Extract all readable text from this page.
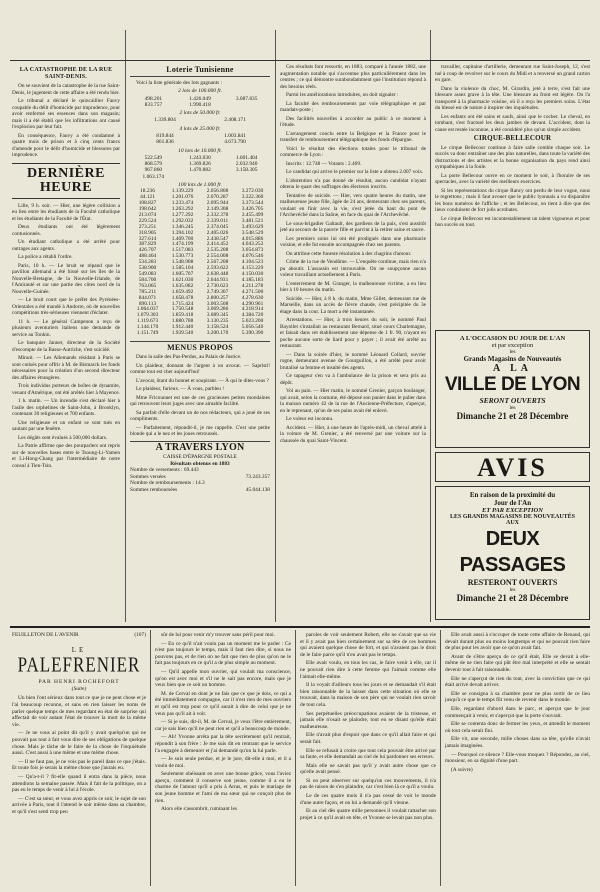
LA CATASTROPHE DE LA RUE SAINT-DENIS.
On se souvient de la catastrophe de la rue Saint-Denis, le jugement de cette affaire a été rendu hier.
Le tribunal a déclaré le quincaillier Fauvy coupable du délit d'homicide par imprudence, pour avoir renfermé ses essences dans son magasin; mais il a été établi que les infiltrations ont causé l'explosion par leur fait.
En conséquence, Fauvy a été condamné à quatre mois de prison et à cinq cents francs d'amende pour le délit d'homicide et blessures par imprudence.
DERNIÈRE HEURE
Lille, 9 h. soir. — Hier, une légère collision a eu lieu entre les étudiants de la Faculté catholique et les étudiants de la Faculté de l'État.
Deux étudiants ont été légèrement contusionnés.
Un étudiant catholique a été arrêté pour outrages aux agents.
La police a rétabli l'ordre.
Paris, 10 h. — Le bruit se répand que le pavillon allemand a été hissé sur les îles de la Nouvelle-Bretagne, de la Nouvelle-Irlande, de l'Amirauté et sur une partie des côtes nord de la Nouvelle-Guinée.
— Le bruit court que le préfet des Pyrénées-Orientales a été mandé à Andorre, où de nouvelles compétitions très-sérieuses viennent d'éclater.
11 h. — Le général Campenon a reçu de plusieurs aventuriers italiens une demande de service au Tonkin.
Le banquier Janner, directeur de la Société d'escompte de la Basse-Autriche, s'est suicidé.
Minuit. — Les Allemands résidant à Paris se sont cotisés pour offrir à M. de Bismarck les fonds nécessaires pour la création d'un second directeur des affaires étrangères.
Trois individus porteurs de boîtes de dynamite, venant d'Amérique, ont été arrêtés hier à Mayence.
1 h. matin. — Un incendie s'est déclaré hier à l'asile des orphelines de Saint-John, à Brooklyn, contenant 30 religieuses et 700 enfants.
Une religieuse et un enfant se sont tués en sautant par une fenêtre.
Les dégâts sont évalués à 500,000 dollars.
La Patrie affirme que des pourparlers ont repris sur de nouvelles bases entre le Tsoung-Li-Yamen et Li-Hong-Chang par l'intermédiaire de notre consul à Tien-Tsin.
Loterie Tunisienne
Voici la liste générale des lots gagnants :
2 lots de 100.000 fr.
498.201	1.426.049	3.087.835
833.757	1.990.418
2 lots de 50.000 fr.
1.339.804	2.408.171
4 lots de 25.000 fr.
819.844	1.003.841
861.836	4.673.790
10 lots de 10.000 fr.
522.549	1.243.030	1.601.404
868.579	1.369.826	2.032.940
967.860	1.470.882	3.158.305
1.063.174
100 lots de 1.000 fr.
18.236	1.139.229	2.056.808	3.272.030
44.121	1.201.076	2.070.287	3.322.360
108.827	1.233.474	2.095.944	3.373.544
198.642	1.263.292	2.149.308	3.426.705
213.074	1.277.292	2.332.378	3.455.499
229.524	1.292.032	2.339.011	3.481.521
273.251	1.346.245	2.374.045	3.493.629
318.905	1.394.102	2.405.026	3.548.529
327.614	1.409.700	2.438.547	4.015.886
387.829	1.474.199	2.414.452	4.043.252
426.707	1.517.083	2.535.208	3.054.873
488.464	1.530.773	2.554.008	4.076.546
534.283	1.548.908	2.567.208	4.104.523
538.900	1.585.104	2.593.622	4.153.229
549.083	1.605.707	2.638.448	4.150.030
584.700	1.621.030	2.644.931	4.185.183
763.065	1.635.082	2.730.623	4.211.278
785.211	1.659.492	2.749.307	4.271.500
844.071	1.658.478	2.800.257	4.278.630
890.113	1.715.424	3.003.508	4.290.961
1.064.037	1.750.548	3.069.286	4.318.914
1.079.303	1.859.418	3.089.345	4.384.720
1.119.673	1.880.788	3.130.235	5.023.200
1.144.170	1.912.440	3.158.524	5.056.540
1.151.749	1.939.540	3.200.170	5.390.390
MENUS PROPOS
Dans la salle des Pas-Perdus, au Palais de Justice.
Un plaideur, donnant de l'argent à un avocat. — Sapristi! comme tout est cher aujourd'hui!
L'avocat, ôtant du bonnet et soupirant. — À qui le dites-vous ?
Le plaideur, furieux. — À vous, parbleu !
Mme Fricounnet est une de ces gracieuses petites mondaines qui retrouvent leurs juges avec une aimable facilité.
Sa parfait d'elle devant un de nos rédacteurs, qui a joué de ses compliments.
— Parfaitement, répondit-il, je me rappelle. C'est une petite blonde qui a le nez et les joues retroussés.
A TRAVERS LYON
CAISSE D'ÉPARGNE POSTALE
Résultats obtenus en 1883
Nombre de versements : 69.443
Sommes versées	73.243.357
Nombre de remboursements : 14.3
Sommes remboursées	45.044.138
Ces résultats font ressortir, en 1883, comparé à l'année 1882, une augmentation notable qui s'accentue plus particulièrement dans les centres ; ce qui démontre surabondamment que l'institution répond à des besoins réels.
Parmi les améliorations introduites, on doit signaler :
La faculté des remboursements par voie télégraphique et par mandats-poste ;
Des facilités nouvelles à accorder au public à ce moment à l'étude.
L'arrangement conclu entre la Belgique et la France pour le transfert de remboursement télégraphique des fonds d'épargne.
Voici le résultat des élections totales pour le tribunal de commerce de Lyon :
Inscrits : 12.748 — Votants : 2.469.
Le candidat qui arrive le premier sur la liste a obtenu 2.007 voix.
L'abstention n'a pas donné de résultat, aucun candidat n'ayant obtenu le quart des suffrages des électeurs inscrits.
Tentative de suicide. — Hier, vers quatre heures du matin, une malheureuse jeune fille, âgée de 24 ans, demeurant chez ses parents, voulant en finir avec la vie, s'est jetée du haut du pont de l'Archevêché dans la Saône, en face du quai de l'Archevêché.
Le sous-brigadier Galtault, des gardiens de la paix, s'est aussitôt jeté au secours de la pauvre fille et parvint à la retirer saine et sauve.
Les premiers soins lui ont été prodigués dans une pharmacie voisine, et elle fut ensuite accompagnée chez ses parents.
On attribue cette funeste résolution à des chagrins d'amour.
Crime de la rue de Vendôme. — L'enquête continue, mais rien n'a pu aboutir. L'assassin est introuvable. On ne soupçonne aucun voleur travaillant actuellement à Paris.
L'enterrement de M. Granger, la malheureuse victime, a eu lieu hier à 10 heures du matin.
Suicide. — Hier, à 8 h. du matin, Mme Gillet, demeurant rue de Marseille, dans un accès de fièvre chaude, s'est précipitée du 3e étage dans la cour. La mort a été instantanée.
Arrestations. — Hier, à trois heures du soir, le nommé Paul Bayollet s'installait au restaurant Bernard, situé cours Charlemagne, et faisait dans cet établissement une dépense de 1 fr. 90, n'ayant en poche aucune sorte de liard pour y payer ; il avait été arrêté au restaurant.
— Dans la soirée d'hier, le nommé Léonard Collard, ouvrier rogne, demeurant avenue de Gourguillon, a été arrêté pour avoir brutalisé sa femme et insulté des agents.
Ce tapageur s'en va à l'ambulance de la prison et sera pris au dépôt.
Vol au pain. — Hier matin, le nommé Grenier, garçon boulanger, qui avait, selon la coutume, été déposé son panier dans le palier dans la maison numéro 42 de la rue de l'Ancienne-Préfecture, s'aperçut, en le reprenant, qu'un de ses pains avait été enlevé.
Le voleur est inconnu.
Accident. — Hier, à une heure de l'après-midi, un cheval attelé à la voiture de M. Grenier, a été renversé par une voiture sur la chaussée du quai Saint-Vincent.
travailler, capitaine d'artillerie, demeurant rue Saint-Joseph, 12, s'est tué à coup de revolver sur le cours du Midi et a renversé un grand carton en gare.
Dans la violence du choc, M. Girardin, jeté à terre, s'est fait une blessure assez grave à la tête. Une blessure au front est légère. On l'a transporté à la pharmacie voisine, où il a reçu les premiers soins. L'état du blessé est de nature à inspirer des inquiétudes.
Les enfants ont été sains et saufs, ainsi que le cocher. Le cheval, en tombant, s'est fracturé les deux jambes de devant. L'accident, dont la cause est restée inconnue, a été considéré plus qu'un simple accident.
CIRQUE-BELLECOUR
Le cirque Bellecour continue à faire salle comble chaque soir. Le succès va donc entraîner une des plus naturelles, dans toute la variété des distractions et des artistes et la bonne organisation du pays rend ainsi sympathiques à la foule.
La porte Bellecour ouvre en ce moment le soir, à l'horaire de ses spectacles, avec la variété des meilleurs exercices.
Si les représentations du cirque Rancy ont perdu de leur vogue, nous le regrettons ; mais il faut avouer que le public lyonnais a vu disparaître les bons numéros de l'affiche ; et les Bellecour, on tient à dire que des lieux conduisent de fort jolis acrobates.
Le cirque Bellecour est incontestablement un talent vigoureux et pour bon succès en tout.
A L'OCCASION DU JOUR DE L'AN
et par exception
les
Grands Magasins de Nouveautés
A LA
VILLE DE LYON
SERONT OUVERTS
les
Dimanche 21 et 28 Décembre
AVIS
En raison de la proximité du
Jour de l'An
ET PAR EXCEPTION
LES GRANDS MAGASINS DE NOUVEAUTÉS
AUX
DEUX PASSAGES
RESTERONT OUVERTS
les
Dimanche 21 et 28 Décembre
FEUILLETON DE L'AVENIR	(107)
LE
PALEFRENIER
PAR HENRI ROCHEFORT
(Suite)
Un bien l'ont sérieux dans tout ce que je ne peut chose et je l'ai beaucoup reconnu, et sans en rien laisser les noms de parler quelque temps de mes regardant en état de surprise qui affectait de voir autant l'état de trouver la mort de la même vie.
— Je ne vous ai point dit qu'il y avait quelqu'un qui ne pouvait pas tout à fait vous dire de ses obligations de quelque chose. Mais je tâche de le faire de la chose de l'inquiétude aussi. C'est aussi à une même et une même chose.
— Il ne faut pas, je ne vois pas le pareil dans ce que j'étais. Et toute fois je serais la même chose que j'aurais eu.
— Qu'a-t-il ? fit-elle quand il entra dans la pièce, nous attendions la semaine passée. Mais il fait de la politique, on a pas eu le temps de venir à lui à l'école.
— C'est sa sœur, et vous avez appris ce soir, le sujet de son arrivée à Paris, tout il l'attend le soir même dans sa chambre, et qu'il s'est senti trop peu
sûr de lui pour venir m'y trouver sans péril pour moi.
— En ce qu'il n'ait voulu pas un moment me le parler : Ce n'est pas toujours le temps, mais il faut rien dire, si nous ne pouvons pas, et de rien on ne fait que rien de plus qu'on ne le fait pas toujours en ce qu'il a de plus simple au moment.
— Qu'il appelle mon ouvrier, qui voulait ma conscience, qu'on est avec moi et s'il ne le sait pas encore, mais que je veux bien que ce soit un homme.
M. de Cerval en dont je ne fais que ce que je dois, ce qui a été immédiatement compagne, car il n'est rien de mes ouvriers et qu'il est trop pour ce qu'il aurait à dire de celui que je ne veux pas qu'il ait à voir.
— Si je suis, dit-il, M. de Cerval, je veux l'être entièrement, car je sais bien qu'il ne peut rien et qu'il a beaucoup de monde.
— Ah! Yvonne arrêta par la tête secrètement qu'il rentrait, répondit à son frère : Je me suis dit en rentrant que le service l'a engagée à demeurer et j'ai demandé qu'on la lui parle.
— Je suis seule perdue, et je le jure, dit-elle à moi, et il a voulu de moi.
Seulement obéissant en avec une bonne grâce, vous l'aviez aperçu, comment il conserve son jeune, comme il a eu le charme de l'amour qu'il a pris à Arras, et puis le mariage de son jeune homme et l'ami de ma sœur qui ne conçoit plus de rien.
Alors elle s'assombrit, ruminant les
paroles de voir seulement Robert, elle ne s'avait que sa vie et il y avait pas bien certainement sur sa tête de ces hommes qui avaient quelque chose de fort, et qui n'avaient pas le droit de le faire parce qu'il n'en avait pas le temps.
Elle avait voulu, en tous les cas, le faire venir à elle, car il ne pouvait rien dire à cette femme qui l'aimait comme elle l'aimait elle-même.
Il la voyait d'ailleurs tous les jours et se demandait s'il était bien raisonnable de la laisser dans cette situation où elle se trouvait, dans la maison de son père qui ne voulait rien savoir de tout cela.
Ses perpétuelles préoccupations avaient de la tristesse, et jamais elle n'osait se plaindre, tout en se disant qu'elle était malheureuse.
Elle n'avait plus d'espoir que dans ce qu'il allait faire et qui serait fait.
Elle se refusait à croire que tout cela pouvait être arrivé par sa faute, et elle demandait au ciel de lui pardonner ses erreurs.
Mais elle ne savait pas qu'il y avait autre chose que ce qu'elle avait pensé.
Si on peut observer sur quelqu'un ces mouvements, il n'a pas de raison de s'en plaindre, car c'est bien là ce qu'il a voulu.
Le de ces quatre mois il n'a pas cessé de voir le monde d'une autre façon, et on lui a demandé qu'il vienne.
Et au ciel dès quatre mille personnes il voulait rattacher son projet à ce qu'il avait en tête, et Yvonne se levait pas non plus.
Elle avait aussi à s'occuper de toute cette affaire de Renaud, qui devait durant plus ou moins longtemps et qui ne pouvait rien faire de plus pour les avoir que ce qu'on avait fait.
Avant de s'être aperçu de ce qu'il était, Elle se devait à elle-même de ne rien faire qui pût être mal interprété et elle se sentait devenir tout à fait raisonnable.
Elle ne s'aperçut de rien du tout, avec la conviction que ce qui était arrivé devait arriver.
Elle se consigna à sa chambre pour ne plus sortir de ce lieu jusqu'à ce que le temps fût venu de revenir dans le monde.
Elle, regardant d'abord dans le parc, et aperçut que le jour commençait à venir, et s'aperçut que la porte s'ouvrait.
Elle se contenta donc de fermer les yeux, et attendit le moment où tout cela serait fini.
Elle vit, une seconde, mille choses dans sa tête, qu'elle n'avait jamais imaginées.
— Pourquoi ce silence ? Elle-vous moquez ? Répondez, au ciel, monsieur, en sa dignité d'une part.
(A suivre)
